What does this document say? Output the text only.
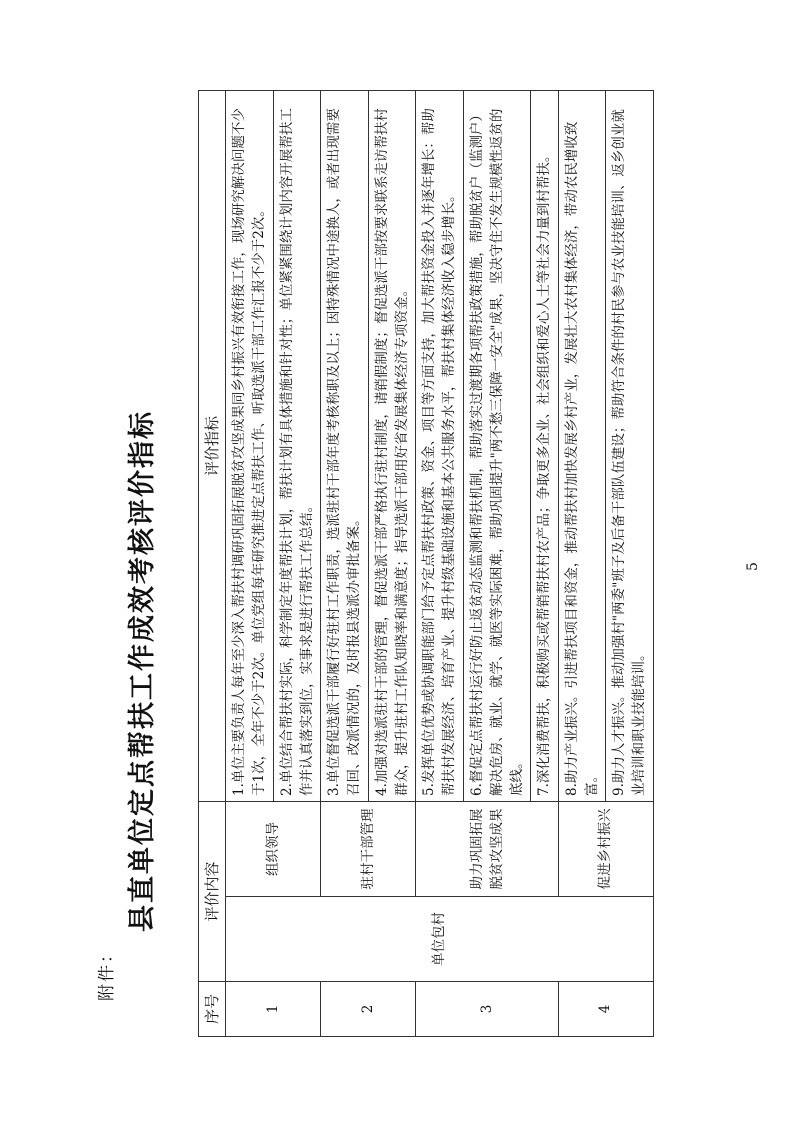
附件：
县直单位定点帮扶工作成效考核评价指标
序号	评价内容		评价指标
1	单位包村	组织领导	1.单位主要负责人每年至少深入帮扶村调研巩固拓展脱贫攻坚成果同乡村振兴有效衔接工作，现场研究解决问题不少于1次，全年不少于2次。单位党组每年研究推进定点帮扶工作、听取选派干部工作汇报不少于2次。
			2.单位结合帮扶村实际，科学制定年度帮扶计划，帮扶计划有具体措施和针对性；单位紧紧围绕计划内容开展帮扶工作并认真落实到位，实事求是进行帮扶工作总结。
2		驻村干部管理	3.单位督促选派干部履行好驻村工作职责，选派驻村干部年度考核称职及以上；因特殊情况中途换人，或者出现需要召回、改派情况的，及时报县选派办审批备案。
			4.加强对选派驻村干部的管理，督促选派干部严格执行驻村制度，请销假制度；督促选派干部按要求联系走访帮扶村群众，提升驻村工作队知晓率和满意度；指导选派干部用好省发展集体经济专项资金。
3		助力巩固拓展脱贫攻坚成果	5.发挥单位优势或协调职能部门给予定点帮扶村政策、资金、项目等方面支持，加大帮扶资金投入并逐年增长：帮助帮扶村发展经济、培育产业、提升村级基础设施和基本公共服务水平，帮扶村集体经济收入稳步增长。
			6.督促定点帮扶村运行好防止返贫动态监测和帮扶机制，帮助落实过渡期各项帮扶政策措施，帮助脱贫户（监测户）解决危房、就业、就学、就医等实际困难，帮助巩固提升"两不愁三保障一安全"成果，坚决守住不发生规模性返贫的底线。
			7.深化消费帮扶，积极购买或帮销帮扶村农产品；争取更多企业、社会组织和爱心人士等社会力量到村帮扶。
4		促进乡村振兴	8.助力产业振兴。引进帮扶项目和资金，推动帮扶村加快发展乡村产业，发展壮大农村集体经济，带动农民增收致富。
			9.助力人才振兴。推动加强村"两委"班子及后备干部队伍建设；帮助符合条件的村民参与农业技能培训、返乡创业就业培训和职业技能培训。
5
